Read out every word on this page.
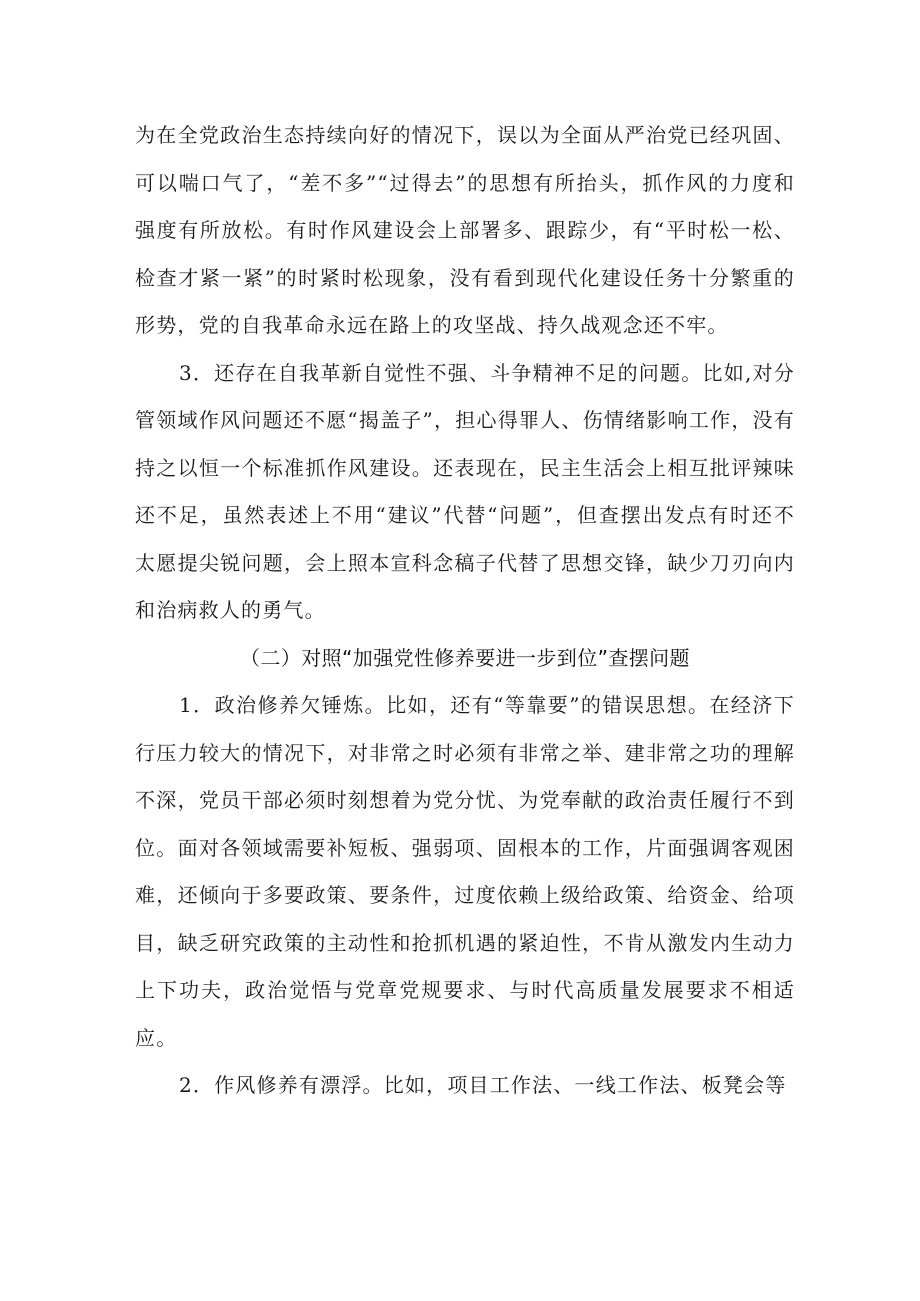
为在全党政治生态持续向好的情况下，误以为全面从严治党已经巩固、可以喘口气了，“差不多”“过得去”的思想有所抬头，抓作风的力度和强度有所放松。有时作风建设会上部署多、跟踪少，有“平时松一松、检查才紧一紧”的时紧时松现象，没有看到现代化建设任务十分繁重的形势，党的自我革命永远在路上的攻坚战、持久战观念还不牢。

3．还存在自我革新自觉性不强、斗争精神不足的问题。比如,对分管领域作风问题还不愿“揭盖子”，担心得罪人、伤情绪影响工作，没有持之以恒一个标准抓作风建设。还表现在，民主生活会上相互批评辣味还不足，虽然表述上不用“建议”代替“问题”，但查摆出发点有时还不太愿提尖锐问题，会上照本宣科念稿子代替了思想交锋，缺少刀刃向内和治病救人的勇气。

（二）对照“加强党性修养要进一步到位”查摆问题

1．政治修养欠锤炼。比如，还有“等靠要”的错误思想。在经济下行压力较大的情况下，对非常之时必须有非常之举、建非常之功的理解不深，党员干部必须时刻想着为党分忧、为党奉献的政治责任履行不到位。面对各领域需要补短板、强弱项、固根本的工作，片面强调客观困难，还倾向于多要政策、要条件，过度依赖上级给政策、给资金、给项目，缺乏研究政策的主动性和抢抓机遇的紧迫性，不肯从激发内生动力上下功夫，政治觉悟与党章党规要求、与时代高质量发展要求不相适应。

2．作风修养有漂浮。比如，项目工作法、一线工作法、板凳会等
